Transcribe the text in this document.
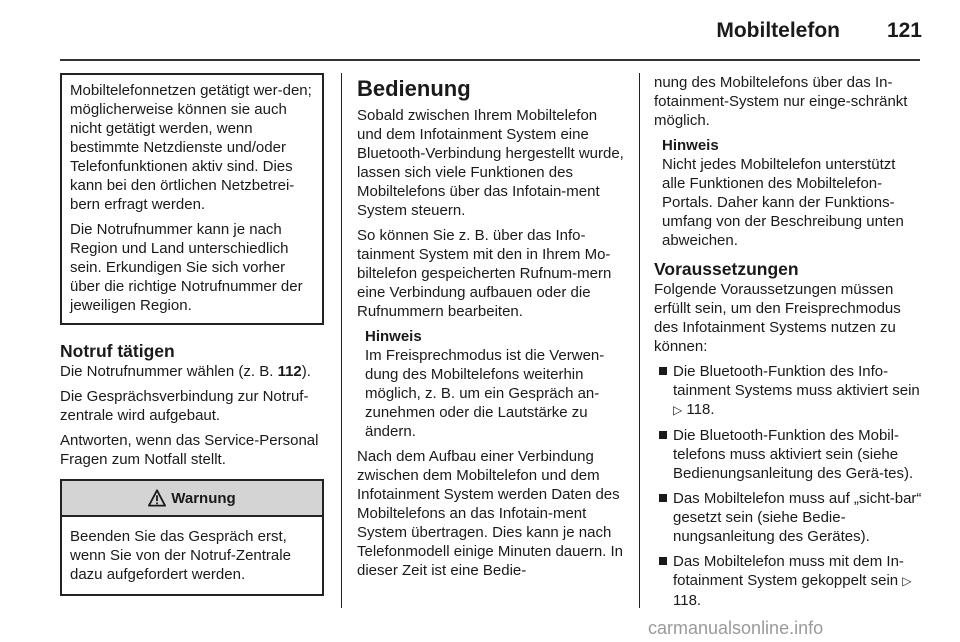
Mobiltelefon	121

Mobiltelefonnetzen getätigt wer-den; möglicherweise können sie auch nicht getätigt werden, wenn bestimmte Netzdienste und/oder Telefonfunktionen aktiv sind. Dies kann bei den örtlichen Netzbetrei-bern erfragt werden.

Die Notrufnummer kann je nach Region und Land unterschiedlich sein. Erkundigen Sie sich vorher über die richtige Notrufnummer der jeweiligen Region.

Notruf tätigen

Die Notrufnummer wählen (z. B. 112).

Die Gesprächsverbindung zur Notruf-zentrale wird aufgebaut.

Antworten, wenn das Service-Personal Fragen zum Notfall stellt.

Warnung
Beenden Sie das Gespräch erst, wenn Sie von der Notruf-Zentrale dazu aufgefordert werden.
Bedienung

Sobald zwischen Ihrem Mobiltelefon und dem Infotainment System eine Bluetooth-Verbindung hergestellt wurde, lassen sich viele Funktionen des Mobiltelefons über das Infotain-ment System steuern.

So können Sie z. B. über das Info-tainment System mit den in Ihrem Mo-biltelefon gespeicherten Rufnum-mern eine Verbindung aufbauen oder die Rufnummern bearbeiten.

Hinweis
Im Freisprechmodus ist die Verwen-dung des Mobiltelefons weiterhin möglich, z. B. um ein Gespräch an-zunehmen oder die Lautstärke zu ändern.

Nach dem Aufbau einer Verbindung zwischen dem Mobiltelefon und dem Infotainment System werden Daten des Mobiltelefons an das Infotain-ment System übertragen. Dies kann je nach Telefonmodell einige Minuten dauern. In dieser Zeit ist eine Bedie-

nung des Mobiltelefons über das In-fotainment-System nur einge-schränkt möglich.

Hinweis
Nicht jedes Mobiltelefon unterstützt alle Funktionen des Mobiltelefon-Portals. Daher kann der Funktions-umfang von der Beschreibung unten abweichen.
Voraussetzungen

Folgende Voraussetzungen müssen erfüllt sein, um den Freisprechmodus des Infotainment Systems nutzen zu können:

Die Bluetooth-Funktion des Info-tainment Systems muss aktiviert sein ▷ 118.
Die Bluetooth-Funktion des Mobil-telefons muss aktiviert sein (siehe Bedienungsanleitung des Gerä-tes).
Das Mobiltelefon muss auf „sicht-bar“ gesetzt sein (siehe Bedie-nungsanleitung des Gerätes).
Das Mobiltelefon muss mit dem In-fotainment System gekoppelt sein ▷ 118.
carmanualsonline.info
